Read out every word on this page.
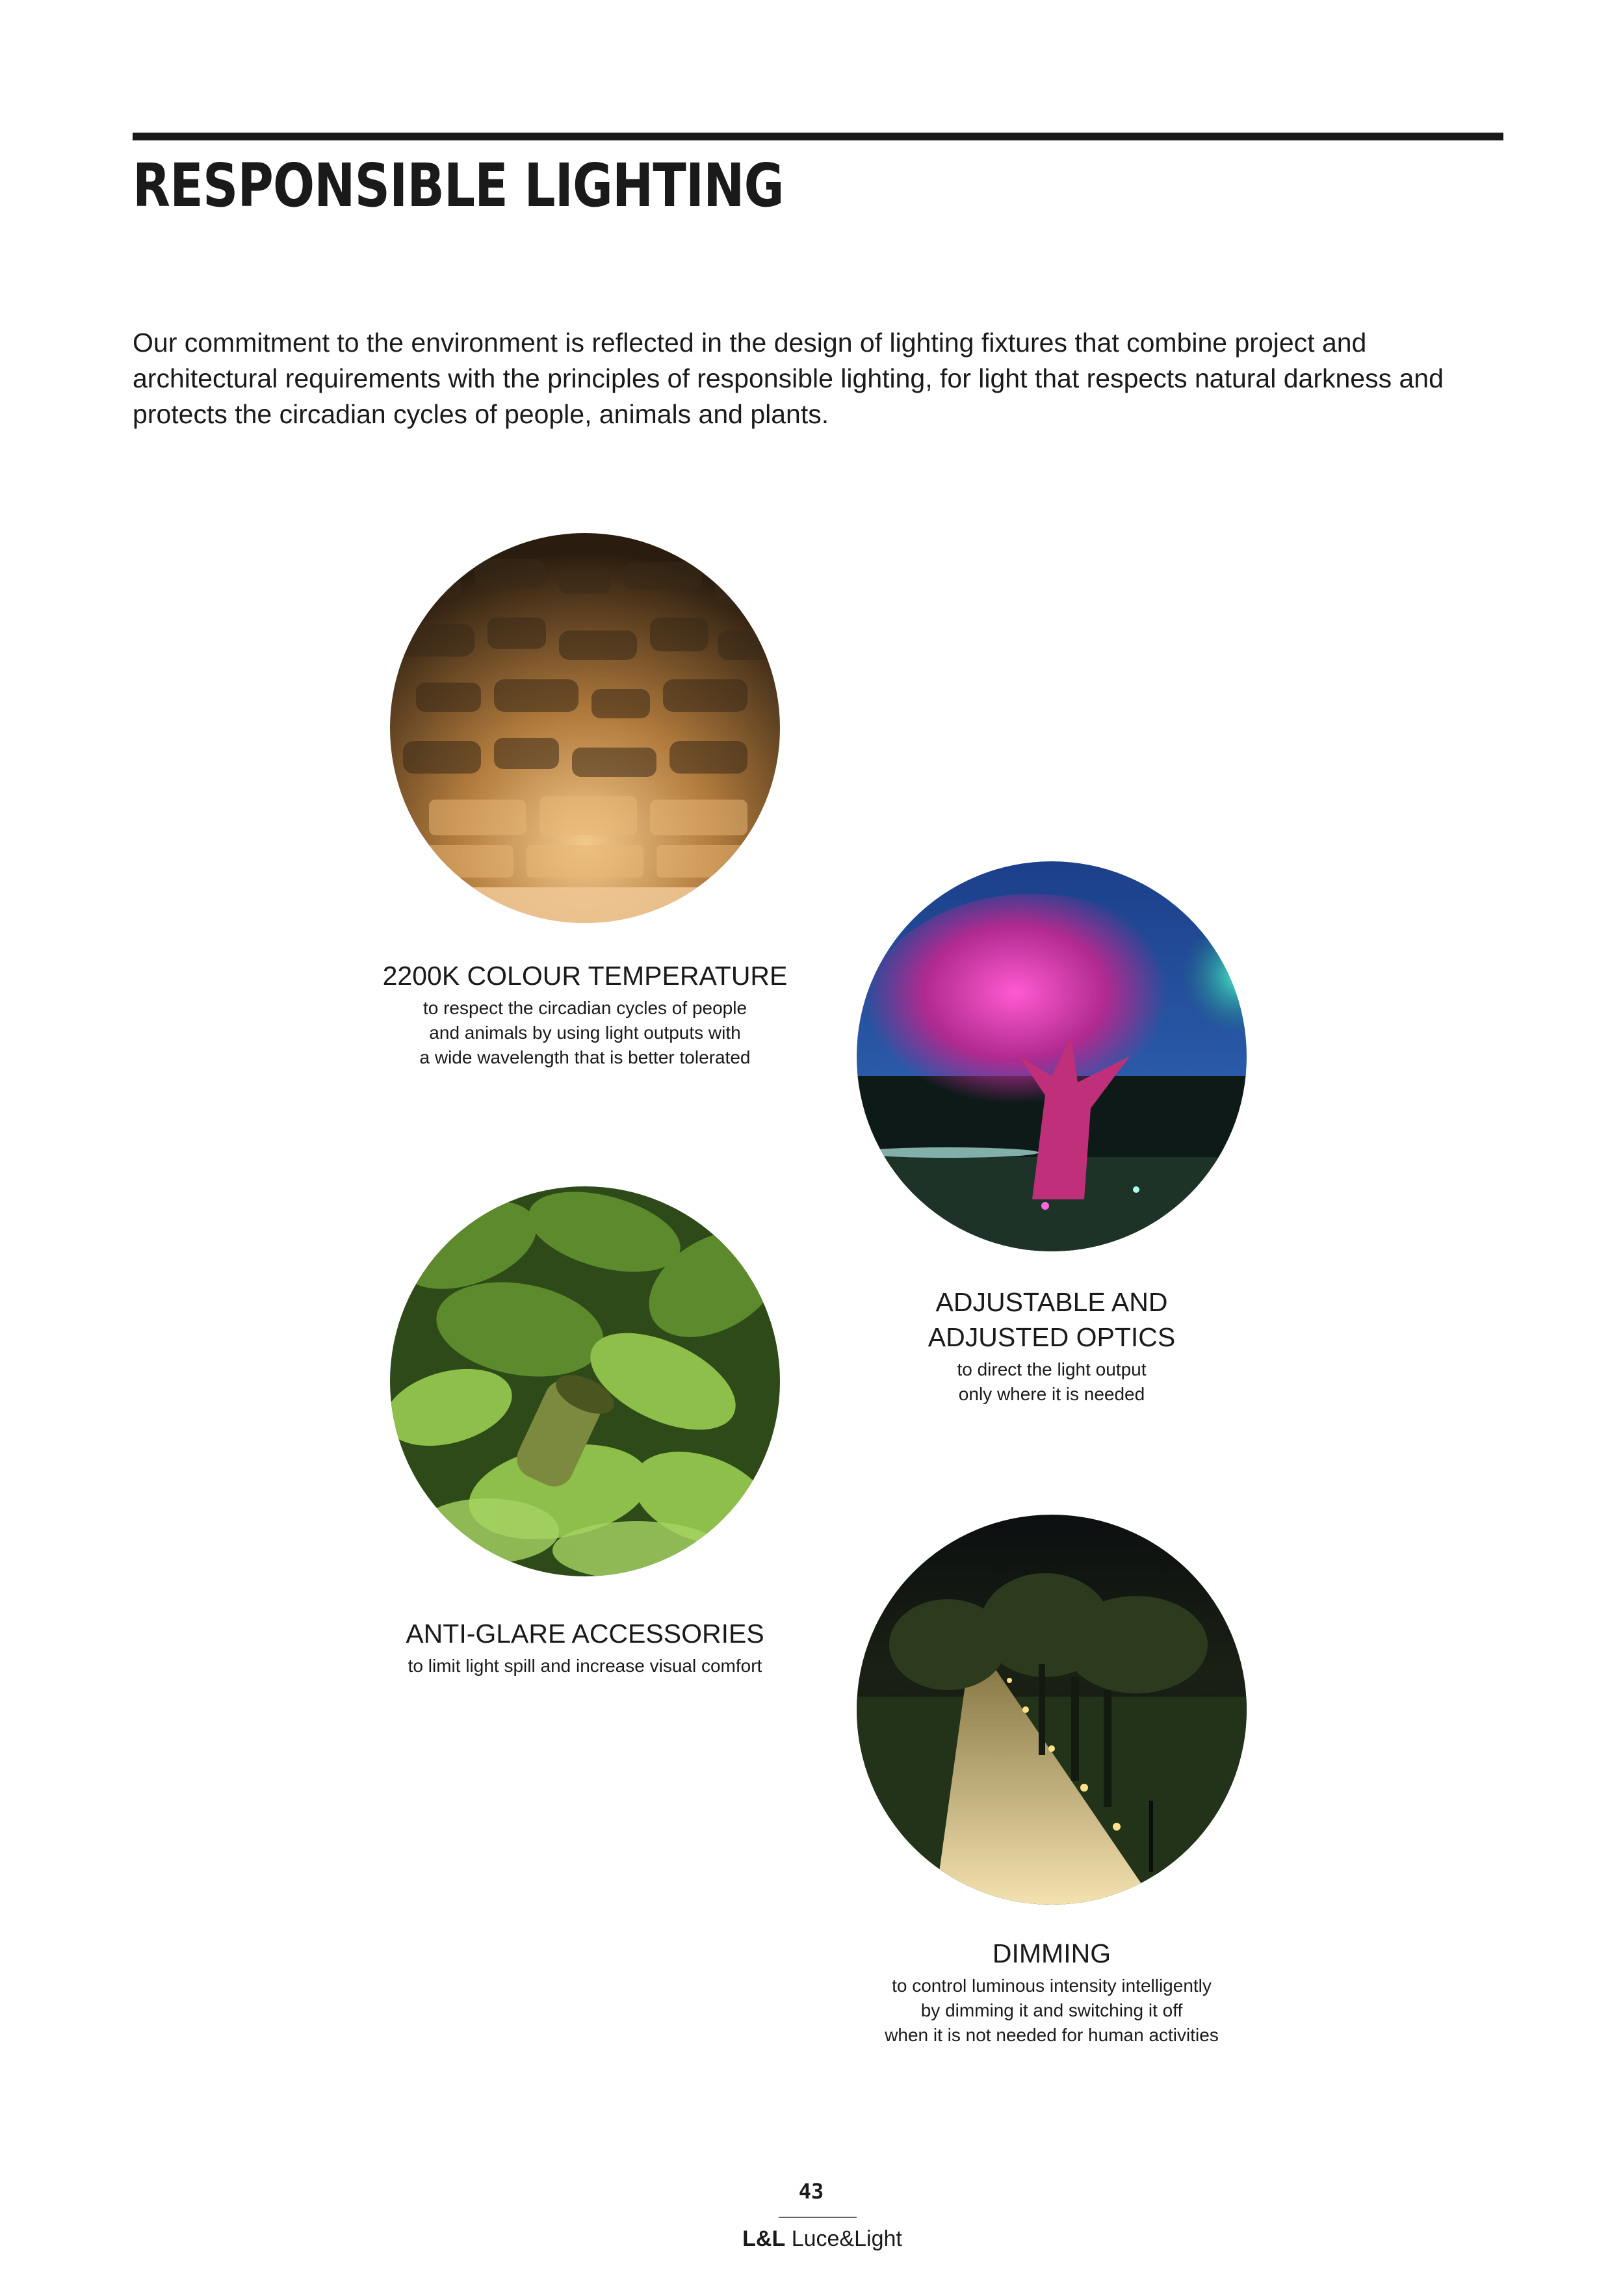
RESPONSIBLE LIGHTING

Our commitment to the environment is reflected in the design of lighting fixtures that combine project and architectural requirements with the principles of responsible lighting, for light that respects natural darkness and protects the circadian cycles of people, animals and plants.

2200K COLOUR TEMPERATURE
to respect the circadian cycles of people
and animals by using light outputs with
a wide wavelength that is better tolerated
ADJUSTABLE AND
ADJUSTED OPTICS
to direct the light output
only where it is needed
ANTI-GLARE ACCESSORIES
to limit light spill and increase visual comfort
DIMMING
to control luminous intensity intelligently
by dimming it and switching it off
when it is not needed for human activities
43
L&L Luce&Light
